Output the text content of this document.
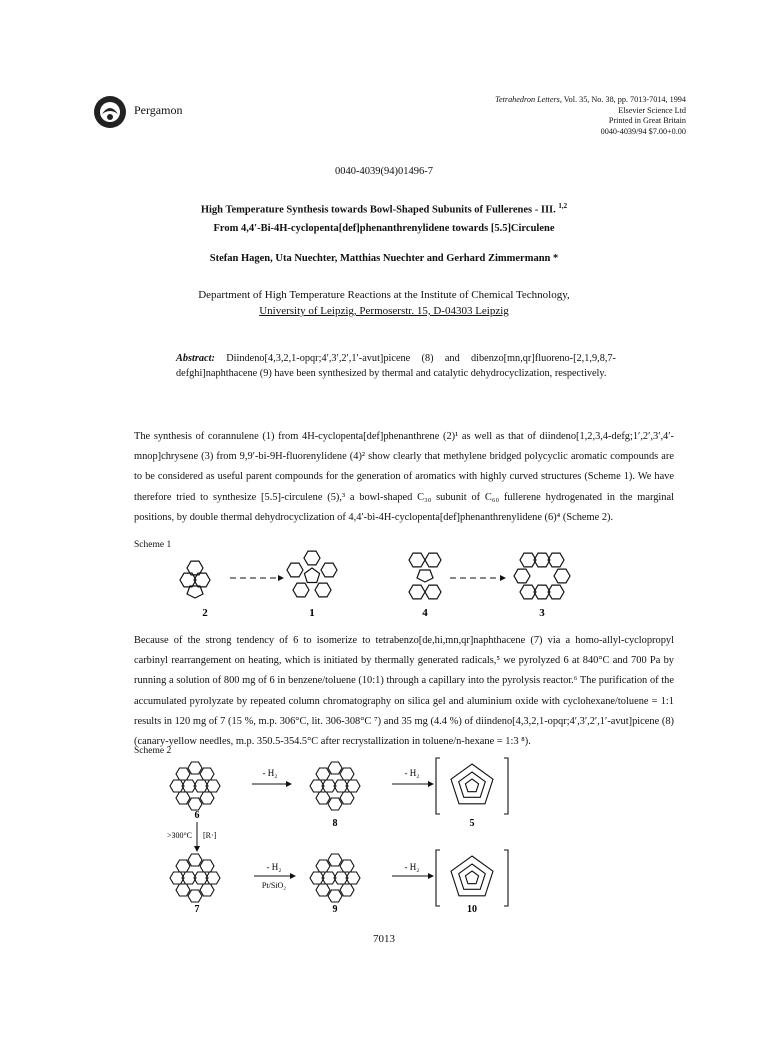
Pergamon
Tetrahedron Letters, Vol. 35, No. 38, pp. 7013-7014, 1994
Elsevier Science Ltd
Printed in Great Britain
0040-4039/94 $7.00+0.00
0040-4039(94)01496-7
High Temperature Synthesis towards Bowl-Shaped Subunits of Fullerenes - III. $^{1,2}$
From 4,4′-Bi-4H-cyclopenta[def]phenanthrenylidene towards [5.5]Circulene
Stefan Hagen, Uta Nuechter, Matthias Nuechter and Gerhard Zimmermann *
Department of High Temperature Reactions at the Institute of Chemical Technology,
University of Leipzig, Permoserstr. 15, D-04303 Leipzig
Abstract: Diindeno[4,3,2,1-opqr;4′,3′,2′,1′-avut]picene (8) and dibenzo[mn,qr]fluoreno-[2,1,9,8,7-defghi]naphthacene (9) have been synthesized by thermal and catalytic dehydrocyclization, respectively.

The synthesis of corannulene (1) from 4H-cyclopenta[def]phenanthrene (2)¹ as well as that of diindeno[1,2,3,4-defg;1′,2′,3′,4′-mnop]chrysene (3) from 9,9′-bi-9H-fluorenylidene (4)² show clearly that methylene bridged polycyclic aromatic compounds are to be considered as useful parent compounds for the generation of aromatics with highly curved structures (Scheme 1). We have therefore tried to synthesize [5.5]-circulene (5),³ a bowl-shaped C₃₀ subunit of C₆₀ fullerene hydrogenated in the marginal positions, by double thermal dehydrocyclization of 4,4′-bi-4H-cyclopenta[def]phenanthrenylidene (6)⁴ (Scheme 2).

Scheme 1
2	1	4	3

Because of the strong tendency of 6 to isomerize to tetrabenzo[de,hi,mn,qr]naphthacene (7) via a homo-allyl-cyclopropyl carbinyl rearrangement on heating, which is initiated by thermally generated radicals,⁵ we pyrolyzed 6 at 840°C and 700 Pa by running a solution of 800 mg of 6 in benzene/toluene (10:1) through a capillary into the pyrolysis reactor.⁶ The purification of the accumulated pyrolyzate by repeated column chromatography on silica gel and aluminium oxide with cyclohexane/toluene = 1:1 results in 120 mg of 7 (15 %, m.p. 306°C, lit. 306-308°C ⁷) and 35 mg (4.4 %) of diindeno[4,3,2,1-opqr;4′,3′,2′,1′-avut]picene (8) (canary-yellow needles, m.p. 350.5-354.5°C after recrystallization in toluene/n-hexane = 1:3 ⁸).

Scheme 2
- H₂	- H₂
6
8	5
>300°C [R·]
- H₂
Pt/SiO₂
- H₂
7	9	10
7013
